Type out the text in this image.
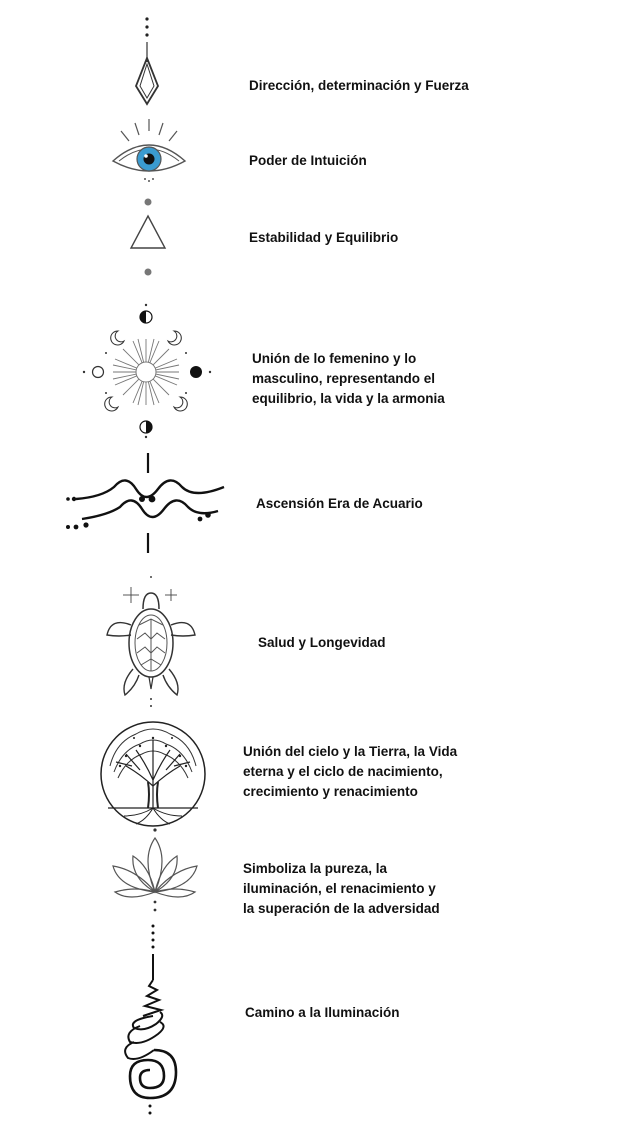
Dirección, determinación y Fuerza

Poder de Intuición

Estabilidad y Equilibrio

Unión de lo femenino y lo
masculino, representando el
equilibrio, la vida y la armonia

Ascensión Era de Acuario

Salud y Longevidad

Unión del cielo y la Tierra, la Vida
eterna y el ciclo de nacimiento,
crecimiento y renacimiento

Simboliza la pureza, la
iluminación, el renacimiento y
la superación de la adversidad

Camino a la Iluminación
